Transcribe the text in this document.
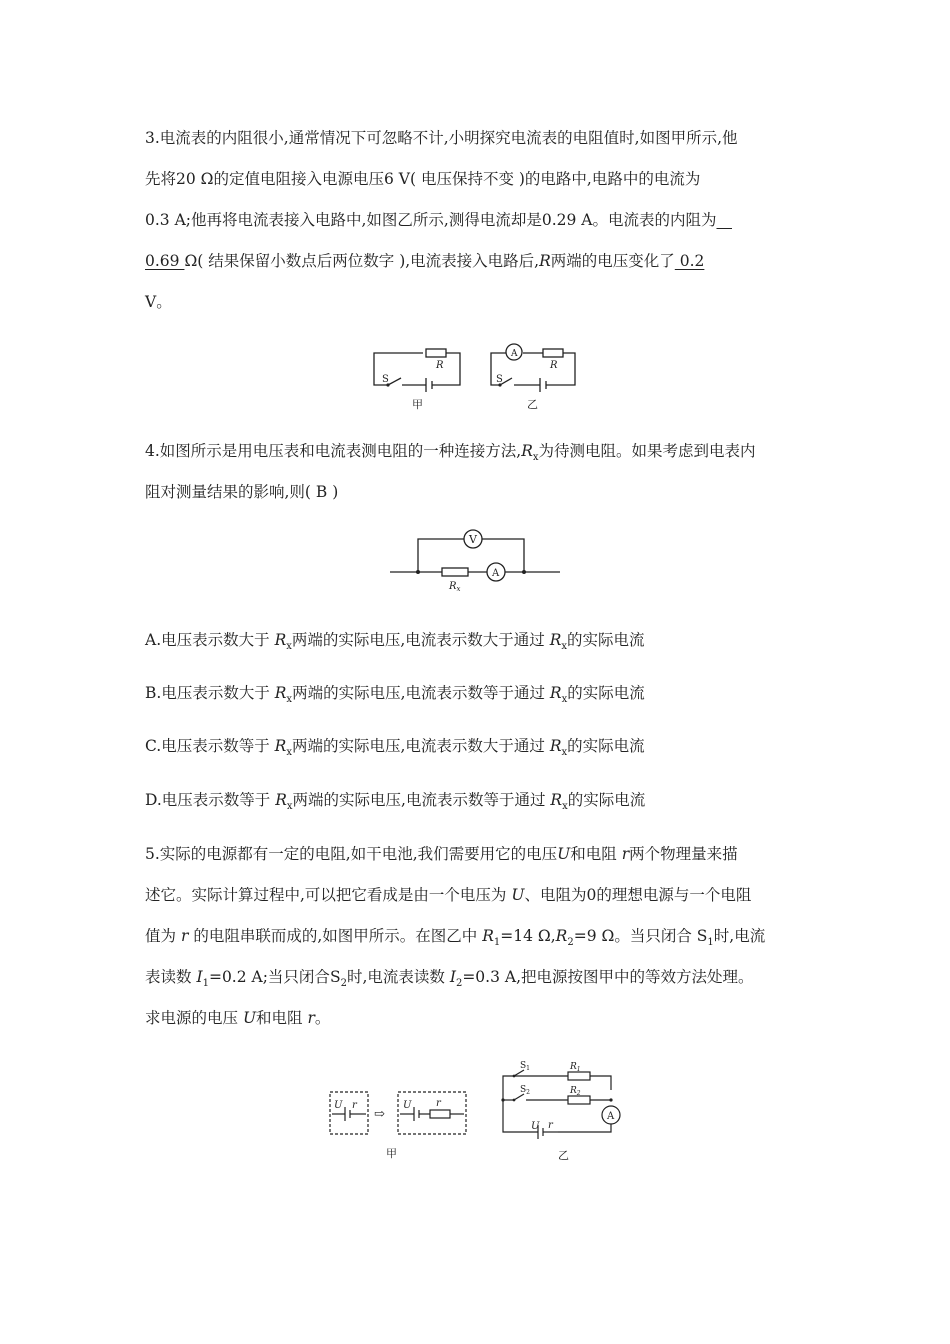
3.电流表的内阻很小,通常情况下可忽略不计,小明探究电流表的电阻值时,如图甲所示,他
先将20 Ω的定值电阻接入电源电压6 V( 电压保持不变 )的电路中,电路中的电流为
0.3 A;他再将电流表接入电路中,如图乙所示,测得电流却是0.29 A。电流表的内阻为__
0.69 Ω( 结果保留小数点后两位数字 ),电流表接入电路后,R两端的电压变化了 0.2
V。
R
S
A
R
S
甲	乙
4.如图所示是用电压表和电流表测电阻的一种连接方法$,R_x$为待测电阻。如果考虑到电表内
阻对测量结果的影响,则( B )
V
A
$R_x$
A.电压表示数大于 $R_x$两端的实际电压,电流表示数大于通过 $R_x$的实际电流
B.电压表示数大于 $R_x$两端的实际电压,电流表示数等于通过 $R_x$的实际电流
C.电压表示数等于 $R_x$两端的实际电压,电流表示数大于通过 $R_x$的实际电流
D.电压表示数等于 $R_x$两端的实际电压,电流表示数等于通过 $R_x$的实际电流
5.实际的电源都有一定的电阻,如干电池,我们需要用它的电压U和电阻 r两个物理量来描
述它。实际计算过程中,可以把它看成是由一个电压为 U、电阻为0的理想电源与一个电阻
值为 r 的电阻串联而成的,如图甲所示。在图乙中 $R_1=14$ $\Omega,R_2=9$ Ω。当只闭合 $S_1$时,电流
表读数 $I_1=0.2$ A;当只闭合$S_2$时,电流表读数 $I_2=0.3$ A,把电源按图甲中的等效方法处理。
求电源的电压 U和电阻 r。
U r
⇨
U r
$S_1$
$S_2$
$R_1$
$R_2$
A
U r
甲	乙
